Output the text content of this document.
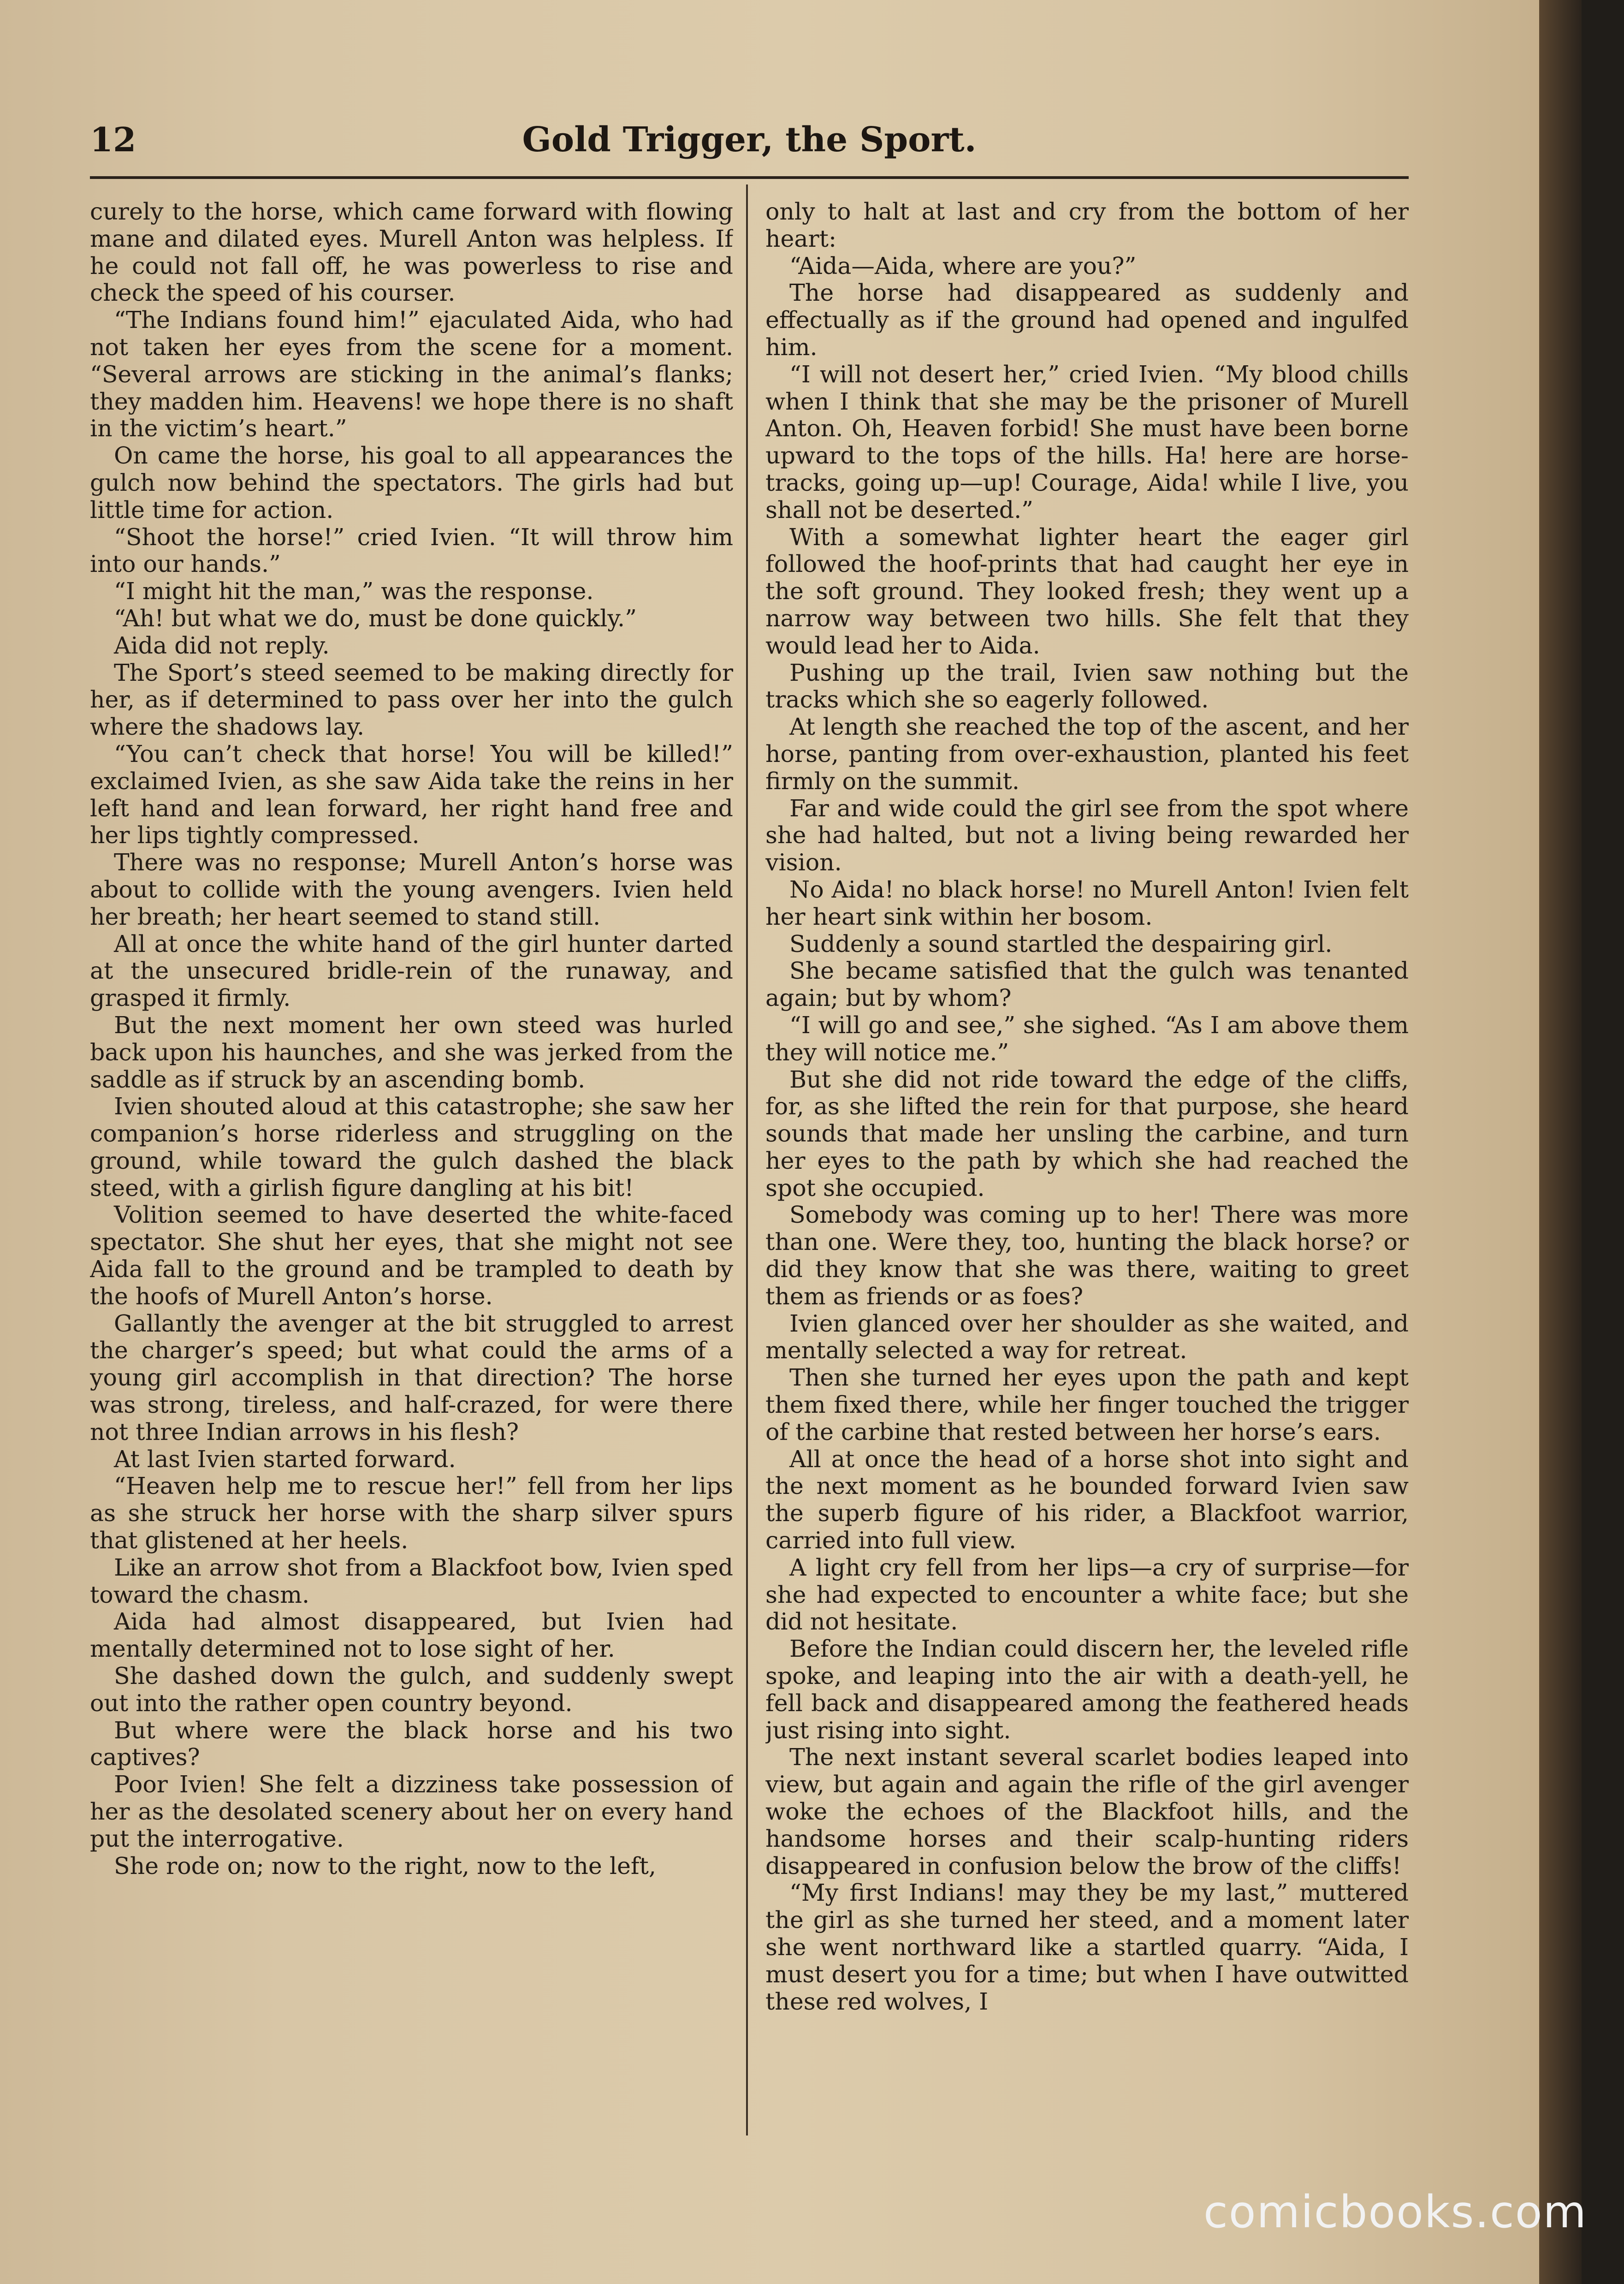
12	Gold Trigger, the Sport.

curely to the horse, which came forward with flowing mane and dilated eyes. Murell Anton was helpless. If he could not fall off, he was powerless to rise and check the speed of his courser.

“The Indians found him!” ejaculated Aida, who had not taken her eyes from the scene for a moment. “Several arrows are sticking in the animal’s flanks; they madden him. Heavens! we hope there is no shaft in the victim’s heart.”

On came the horse, his goal to all appearances the gulch now behind the spectators. The girls had but little time for action.

“Shoot the horse!” cried Ivien. “It will throw him into our hands.”

“I might hit the man,” was the response.

“Ah! but what we do, must be done quickly.”

Aida did not reply.

The Sport’s steed seemed to be making directly for her, as if determined to pass over her into the gulch where the shadows lay.

“You can’t check that horse! You will be killed!” exclaimed Ivien, as she saw Aida take the reins in her left hand and lean forward, her right hand free and her lips tightly compressed.

There was no response; Murell Anton’s horse was about to collide with the young avengers. Ivien held her breath; her heart seemed to stand still.

All at once the white hand of the girl hunter darted at the unsecured bridle-rein of the runaway, and grasped it firmly.

But the next moment her own steed was hurled back upon his haunches, and she was jerked from the saddle as if struck by an ascending bomb.

Ivien shouted aloud at this catastrophe; she saw her companion’s horse riderless and struggling on the ground, while toward the gulch dashed the black steed, with a girlish figure dangling at his bit!

Volition seemed to have deserted the white-faced spectator. She shut her eyes, that she might not see Aida fall to the ground and be trampled to death by the hoofs of Murell Anton’s horse.

Gallantly the avenger at the bit struggled to arrest the charger’s speed; but what could the arms of a young girl accomplish in that direction? The horse was strong, tireless, and half-crazed, for were there not three Indian arrows in his flesh?

At last Ivien started forward.

“Heaven help me to rescue her!” fell from her lips as she struck her horse with the sharp silver spurs that glistened at her heels.

Like an arrow shot from a Blackfoot bow, Ivien sped toward the chasm.

Aida had almost disappeared, but Ivien had mentally determined not to lose sight of her.

She dashed down the gulch, and suddenly swept out into the rather open country beyond.

But where were the black horse and his two captives?

Poor Ivien! She felt a dizziness take possession of her as the desolated scenery about her on every hand put the interrogative.

She rode on; now to the right, now to the left,

only to halt at last and cry from the bottom of her heart:

“Aida—Aida, where are you?”

The horse had disappeared as suddenly and effectually as if the ground had opened and ingulfed him.

“I will not desert her,” cried Ivien. “My blood chills when I think that she may be the prisoner of Murell Anton. Oh, Heaven forbid! She must have been borne upward to the tops of the hills. Ha! here are horse-tracks, going up—up! Courage, Aida! while I live, you shall not be deserted.”

With a somewhat lighter heart the eager girl followed the hoof-prints that had caught her eye in the soft ground. They looked fresh; they went up a narrow way between two hills. She felt that they would lead her to Aida.

Pushing up the trail, Ivien saw nothing but the tracks which she so eagerly followed.

At length she reached the top of the ascent, and her horse, panting from over-exhaustion, planted his feet firmly on the summit.

Far and wide could the girl see from the spot where she had halted, but not a living being rewarded her vision.

No Aida! no black horse! no Murell Anton! Ivien felt her heart sink within her bosom.

Suddenly a sound startled the despairing girl.

She became satisfied that the gulch was tenanted again; but by whom?

“I will go and see,” she sighed. “As I am above them they will notice me.”

But she did not ride toward the edge of the cliffs, for, as she lifted the rein for that purpose, she heard sounds that made her unsling the carbine, and turn her eyes to the path by which she had reached the spot she occupied.

Somebody was coming up to her! There was more than one. Were they, too, hunting the black horse? or did they know that she was there, waiting to greet them as friends or as foes?

Ivien glanced over her shoulder as she waited, and mentally selected a way for retreat.

Then she turned her eyes upon the path and kept them fixed there, while her finger touched the trigger of the carbine that rested between her horse’s ears.

All at once the head of a horse shot into sight and the next moment as he bounded forward Ivien saw the superb figure of his rider, a Blackfoot warrior, carried into full view.

A light cry fell from her lips—a cry of surprise—for she had expected to encounter a white face; but she did not hesitate.

Before the Indian could discern her, the leveled rifle spoke, and leaping into the air with a death-yell, he fell back and disappeared among the feathered heads just rising into sight.

The next instant several scarlet bodies leaped into view, but again and again the rifle of the girl avenger woke the echoes of the Blackfoot hills, and the handsome horses and their scalp-hunting riders disappeared in confusion below the brow of the cliffs!

“My first Indians! may they be my last,” muttered the girl as she turned her steed, and a moment later she went northward like a startled quarry. “Aida, I must desert you for a time; but when I have outwitted these red wolves, I

comicbooks.com
